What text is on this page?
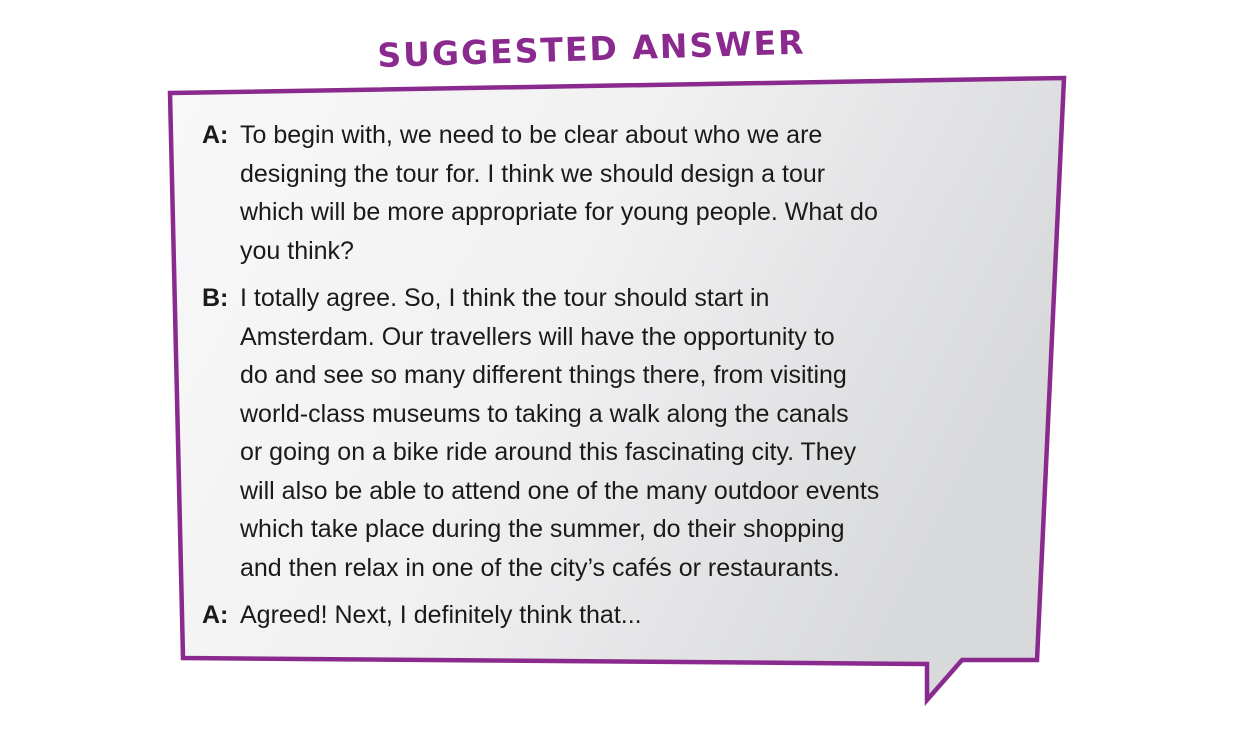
SUGGESTED ANSWER
A: To begin with, we need to be clear about who we are
designing the tour for. I think we should design a tour
which will be more appropriate for young people. What do
you think?
B: I totally agree. So, I think the tour should start in
Amsterdam. Our travellers will have the opportunity to
do and see so many different things there, from visiting
world-class museums to taking a walk along the canals
or going on a bike ride around this fascinating city. They
will also be able to attend one of the many outdoor events
which take place during the summer, do their shopping
and then relax in one of the city’s cafés or restaurants.
A: Agreed! Next, I definitely think that...
